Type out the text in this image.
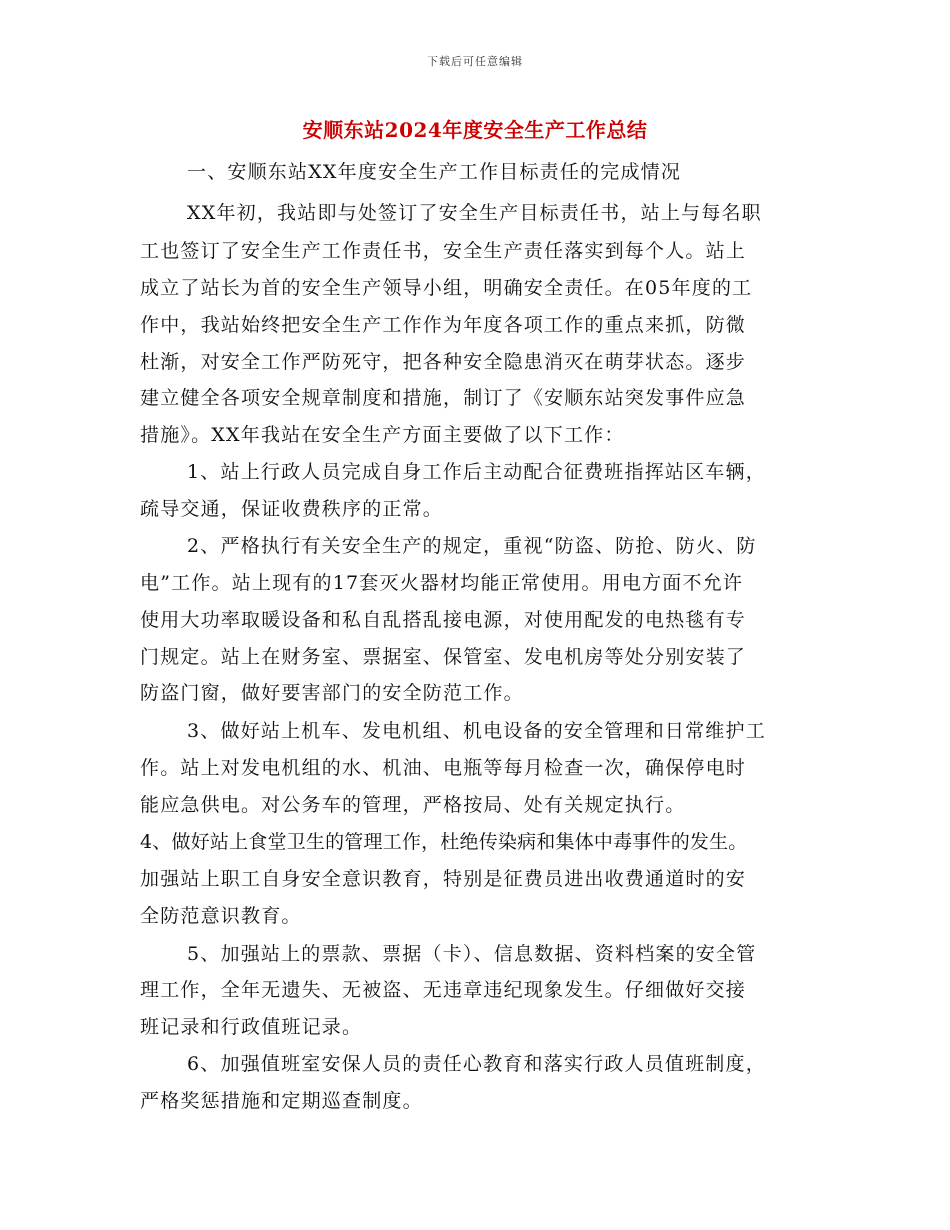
下载后可任意编辑
安顺东站2024年度安全生产工作总结
一、安顺东站XX年度安全生产工作目标责任的完成情况
XX年初，我站即与处签订了安全生产目标责任书，站上与每名职
工也签订了安全生产工作责任书，安全生产责任落实到每个人。站上
成立了站长为首的安全生产领导小组，明确安全责任。在05年度的工
作中，我站始终把安全生产工作作为年度各项工作的重点来抓，防微
杜渐，对安全工作严防死守，把各种安全隐患消灭在萌芽状态。逐步
建立健全各项安全规章制度和措施，制订了《安顺东站突发事件应急
措施》。XX年我站在安全生产方面主要做了以下工作：
1、站上行政人员完成自身工作后主动配合征费班指挥站区车辆，
疏导交通，保证收费秩序的正常。
2、严格执行有关安全生产的规定，重视“防盗、防抢、防火、防
电”工作。站上现有的17套灭火器材均能正常使用。用电方面不允许
使用大功率取暖设备和私自乱搭乱接电源，对使用配发的电热毯有专
门规定。站上在财务室、票据室、保管室、发电机房等处分别安装了
防盗门窗，做好要害部门的安全防范工作。
3、做好站上机车、发电机组、机电设备的安全管理和日常维护工
作。站上对发电机组的水、机油、电瓶等每月检查一次，确保停电时
能应急供电。对公务车的管理，严格按局、处有关规定执行。
4、做好站上食堂卫生的管理工作，杜绝传染病和集体中毒事件的发生。
加强站上职工自身安全意识教育，特别是征费员进出收费通道时的安
全防范意识教育。
5、加强站上的票款、票据（卡）、信息数据、资料档案的安全管
理工作，全年无遗失、无被盗、无违章违纪现象发生。仔细做好交接
班记录和行政值班记录。
6、加强值班室安保人员的责任心教育和落实行政人员值班制度，
严格奖惩措施和定期巡查制度。
